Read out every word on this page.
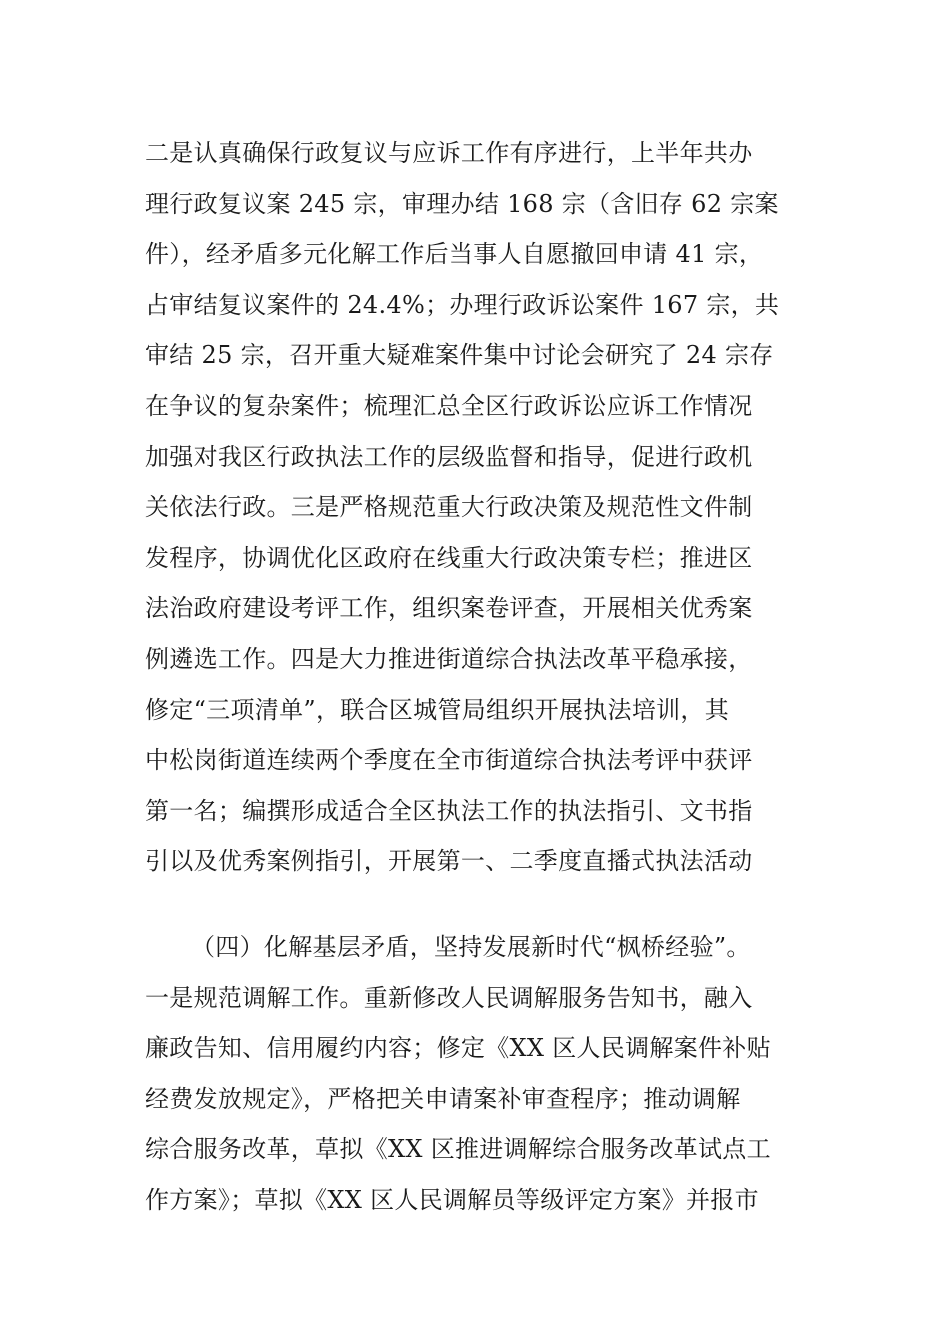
二是认真确保行政复议与应诉工作有序进行，上半年共办
理行政复议案 245 宗，审理办结 168 宗（含旧存 62 宗案
件），经矛盾多元化解工作后当事人自愿撤回申请 41 宗，
占审结复议案件的 24.4%；办理行政诉讼案件 167 宗，共
审结 25 宗，召开重大疑难案件集中讨论会研究了 24 宗存
在争议的复杂案件；梳理汇总全区行政诉讼应诉工作情况
加强对我区行政执法工作的层级监督和指导，促进行政机
关依法行政。三是严格规范重大行政决策及规范性文件制
发程序，协调优化区政府在线重大行政决策专栏；推进区
法治政府建设考评工作，组织案卷评查，开展相关优秀案
例遴选工作。四是大力推进街道综合执法改革平稳承接，
修定“三项清单”，联合区城管局组织开展执法培训，其
中松岗街道连续两个季度在全市街道综合执法考评中获评
第一名；编撰形成适合全区执法工作的执法指引、文书指
引以及优秀案例指引，开展第一、二季度直播式执法活动
（四）化解基层矛盾，坚持发展新时代“枫桥经验”。
一是规范调解工作。重新修改人民调解服务告知书，融入
廉政告知、信用履约内容；修定《XX 区人民调解案件补贴
经费发放规定》，严格把关申请案补审查程序；推动调解
综合服务改革，草拟《XX 区推进调解综合服务改革试点工
作方案》；草拟《XX 区人民调解员等级评定方案》并报市
